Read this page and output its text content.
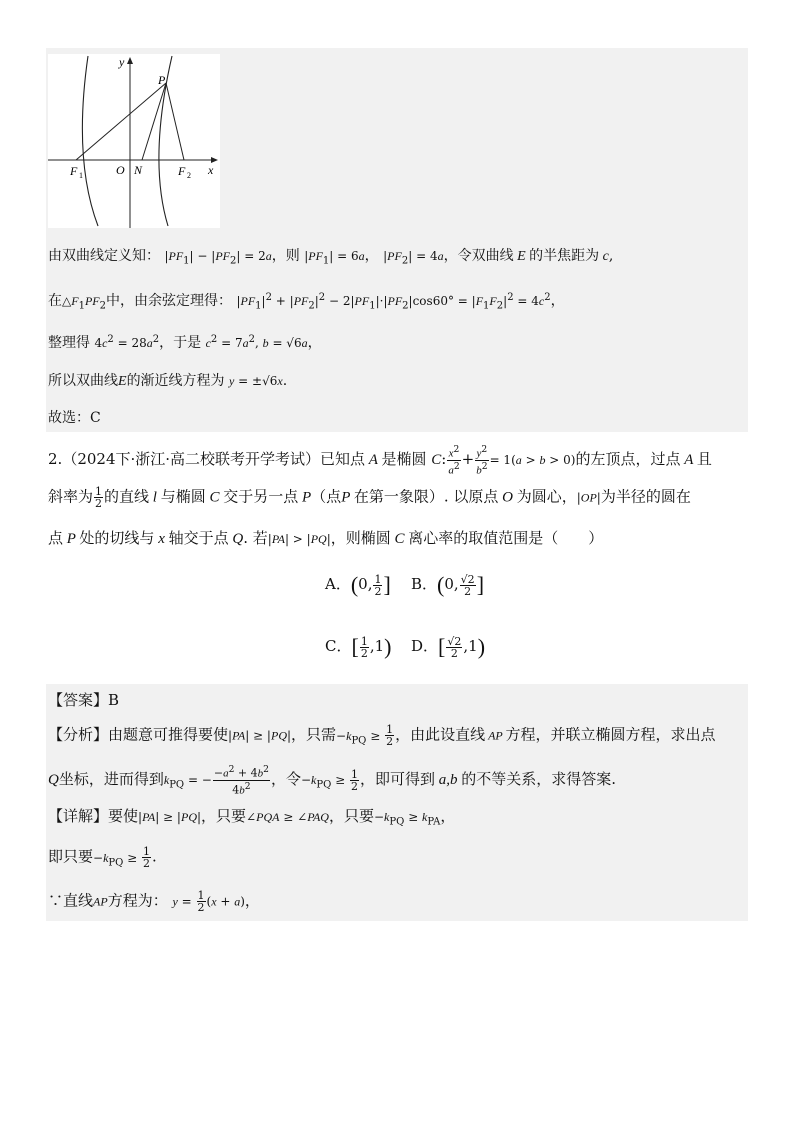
y
x
P
F 1	O N	F 2
由双曲线定义知： $|PF_1| - |PF_2| = 2a$，则 $|PF_1| = 6a$， $|PF_2| = 4a$，令双曲线 E 的半焦距为 c,
在$\triangle F_1PF_2$中，由余弦定理得： $|PF_1|^2 + |PF_2|^2 - 2|PF_1|\cdot|PF_2|\cos 60^\circ = |F_1F_2|^2 = 4c^2$，
整理得 $4c^2 = 28a^2$，于是 $c^2 = 7a^2$, b = √6a，
所以双曲线E的渐近线方程为 y = ±√6x.
故选：C
2.（2024下·浙江·高二校联考开学考试）已知点 A 是椭圆 C: $\frac{x^2}{a^2} + \frac{y^2}{b^2} = 1(a > b > 0)$的左顶点，过点 A 且
斜率为 $\frac{1}{2}$ 的直线 l 与椭圆 C 交于另一点 P（点P 在第一象限）. 以原点 O 为圆心，|OP|为半径的圆在
点 P 处的切线与 x 轴交于点 Q. 若|PA| > |PQ|，则椭圆 C 离心率的取值范围是（　　）
A．(0, $\frac{1}{2}$ ] B．(0, $\frac{√2}{2}$ ]
C．[ $\frac{1}{2} ,1$) D．[ $\frac{√2}{2} ,1$)
【答案】B
【分析】由题意可推得要使|PA| ≥ |PQ|，只需$-k_{PQ} \ge \frac{1}{2}$ ，由此设直线 AP 方程，并联立椭圆方程，求出点
Q坐标，进而得到$k_{PQ}$ = − $\frac{-a^2 + 4b^2}{4b^2}$ ，令$-k_{PQ} \ge \frac{1}{2}$ ，即可得到 a,b 的不等关系，求得答案.
【详解】要使|PA| ≥ |PQ|，只要∠PQA ≥ ∠PAQ，只要$-k_{PQ} \ge k_{PA}$，
即只要$-k_{PQ} \ge \frac{1}{2}$ .
∵直线AP方程为： $y = \frac{1}{2} (x + a)$，
